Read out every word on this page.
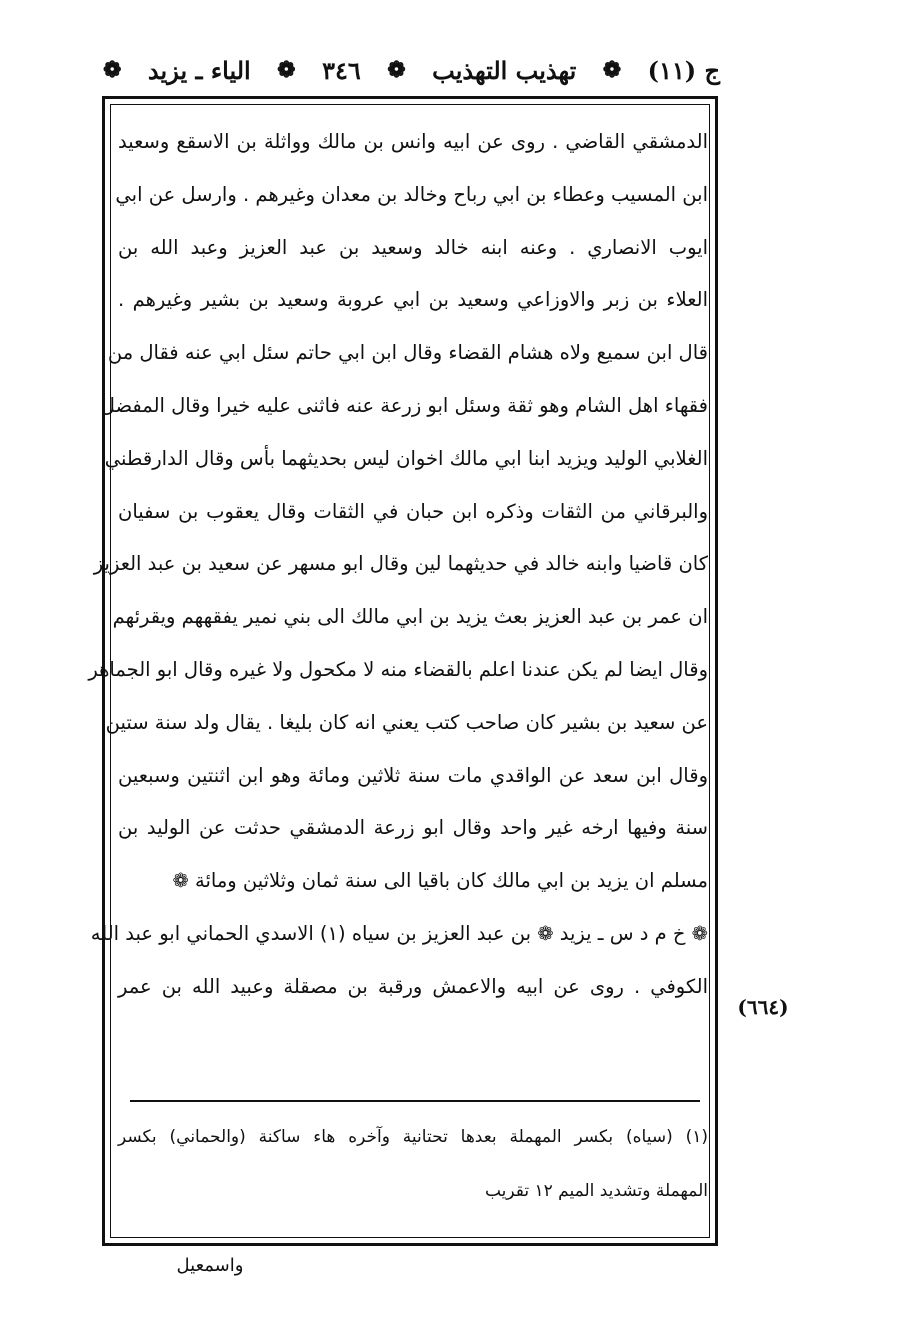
ج (١١)
❁
تهذيب التهذيب
❁
٣٤٦
❁
الياء ـ يزيد
❁
الدمشقي القاضي . روى عن ابيه وانس بن مالك وواثلة بن الاسقع وسعيد
ابن المسيب وعطاء بن ابي رباح وخالد بن معدان وغيرهم . وارسل عن ابي
ايوب الانصاري . وعنه ابنه خالد وسعيد بن عبد العزيز وعبد الله بن
العلاء بن زبر والاوزاعي وسعيد بن ابي عروبة وسعيد بن بشير وغيرهم .
قال ابن سميع ولاه هشام القضاء وقال ابن ابي حاتم سئل ابي عنه فقال من
فقهاء اهل الشام وهو ثقة وسئل ابو زرعة عنه فاثنى عليه خيرا وقال المفضل
الغلابي الوليد ويزيد ابنا ابي مالك اخوان ليس بحديثهما بأس وقال الدارقطني
والبرقاني من الثقات وذكره ابن حبان في الثقات وقال يعقوب بن سفيان
كان قاضيا وابنه خالد في حديثهما لين وقال ابو مسهر عن سعيد بن عبد العزيز
ان عمر بن عبد العزيز بعث يزيد بن ابي مالك الى بني نمير يفقههم ويقرئهم
وقال ايضا لم يكن عندنا اعلم بالقضاء منه لا مكحول ولا غيره وقال ابو الجماهر
عن سعيد بن بشير كان صاحب كتب يعني انه كان بليغا . يقال ولد سنة ستين
وقال ابن سعد عن الواقدي مات سنة ثلاثين ومائة وهو ابن اثنتين وسبعين
سنة وفيها ارخه غير واحد وقال ابو زرعة الدمشقي حدثت عن الوليد بن
مسلم ان يزيد بن ابي مالك كان باقيا الى سنة ثمان وثلاثين ومائة ❁
❁ خ م د س ـ يزيد ❁ بن عبد العزيز بن سياه (١) الاسدي الحماني ابو عبد الله
الكوفي . روى عن ابيه والاعمش ورقبة بن مصقلة وعبيد الله بن عمر
(٦٦٤)
(١) (سياه) بكسر المهملة بعدها تحتانية وآخره هاء ساكنة (والحماني) بكسر
المهملة وتشديد الميم ١٢ تقريب
واسمعيل
